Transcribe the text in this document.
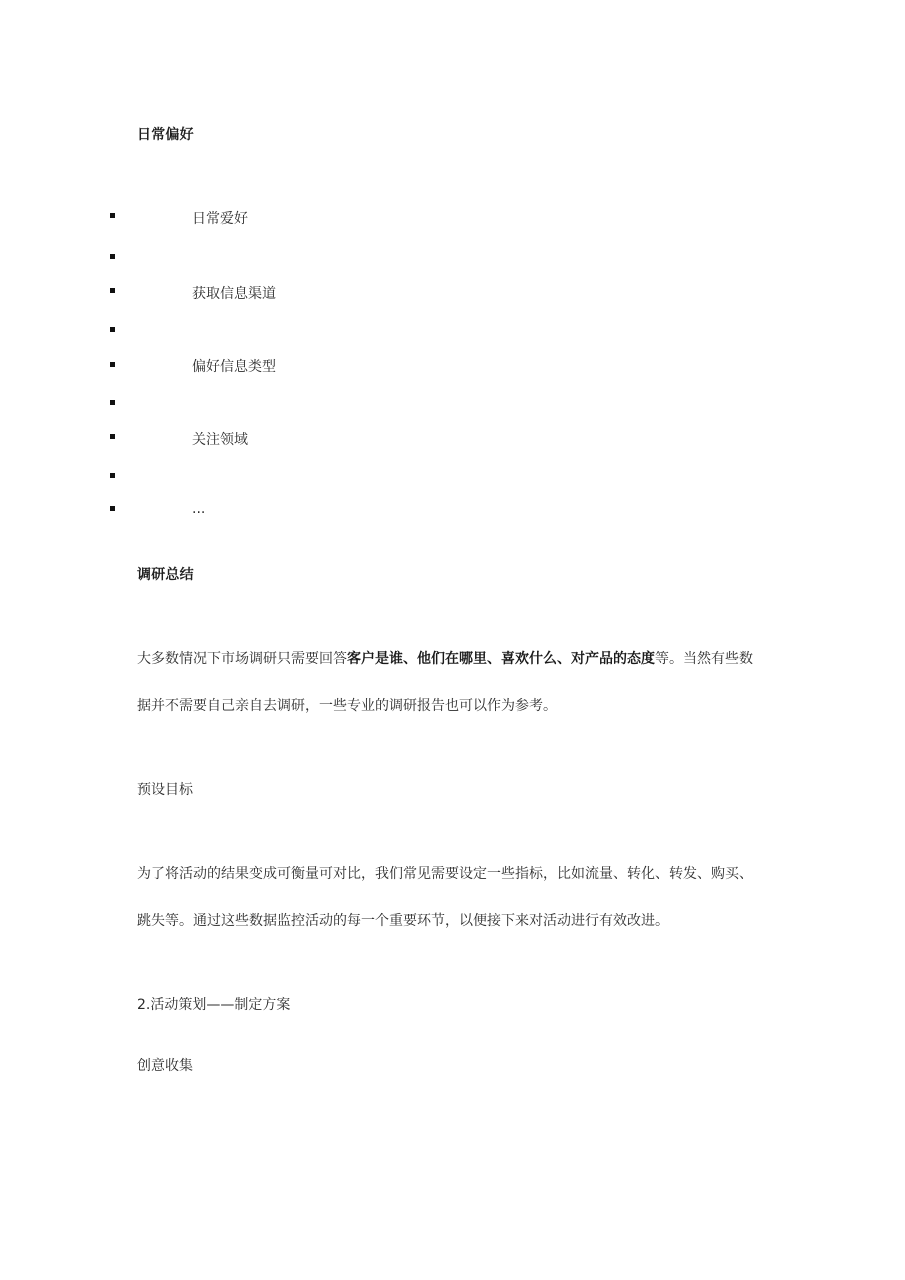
日常偏好
日常爱好
获取信息渠道
偏好信息类型
关注领域
...
调研总结
大多数情况下市场调研只需要回答客户是谁、他们在哪里、喜欢什么、对产品的态度等。当然有些数
据并不需要自己亲自去调研，一些专业的调研报告也可以作为参考。
预设目标
为了将活动的结果变成可衡量可对比，我们常见需要设定一些指标，比如流量、转化、转发、购买、
跳失等。通过这些数据监控活动的每一个重要环节，以便接下来对活动进行有效改进。
2.活动策划——制定方案
创意收集
